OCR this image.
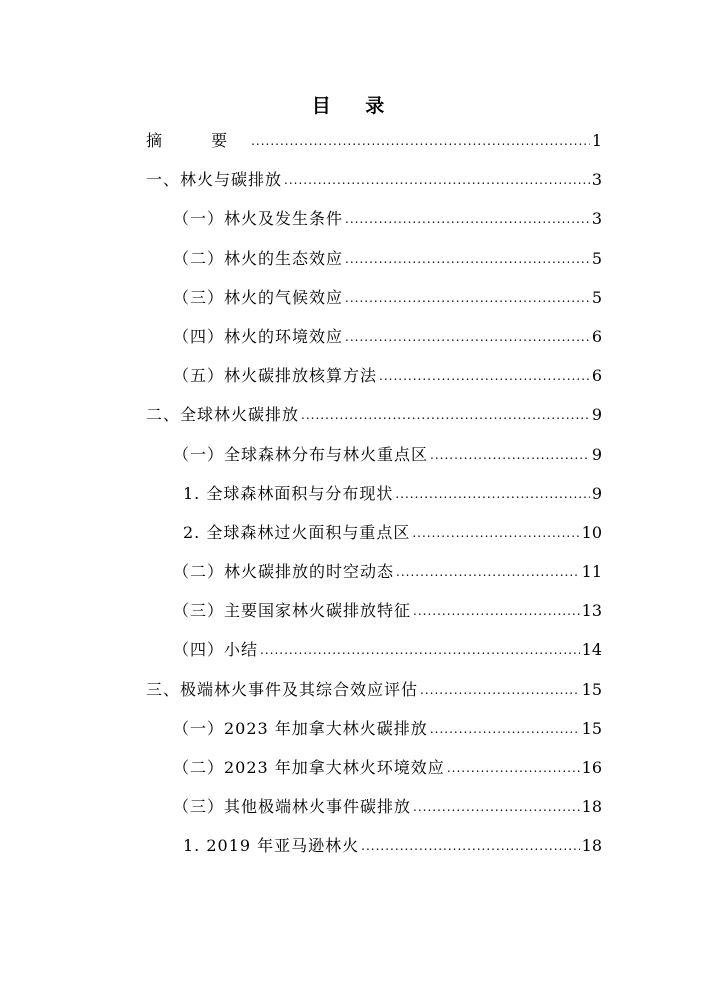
目 录
摘 要 .....	1
一、林火与碳排放 .....	3
（一）林火及发生条件 .....	3
（二）林火的生态效应 .....	5
（三）林火的气候效应 .....	5
（四）林火的环境效应 .....	6
（五）林火碳排放核算方法 .....	6
二、全球林火碳排放 .....	9
（一）全球森林分布与林火重点区 .....	9
1. 全球森林面积与分布现状 .....	9
2. 全球森林过火面积与重点区 .....	10
（二）林火碳排放的时空动态 .....	11
（三）主要国家林火碳排放特征 .....	13
（四）小结 .....	14
三、极端林火事件及其综合效应评估 .....	15
（一）2023 年加拿大林火碳排放 .....	15
（二）2023 年加拿大林火环境效应 .....	16
（三）其他极端林火事件碳排放 .....	18
1. 2019 年亚马逊林火 .....	18
